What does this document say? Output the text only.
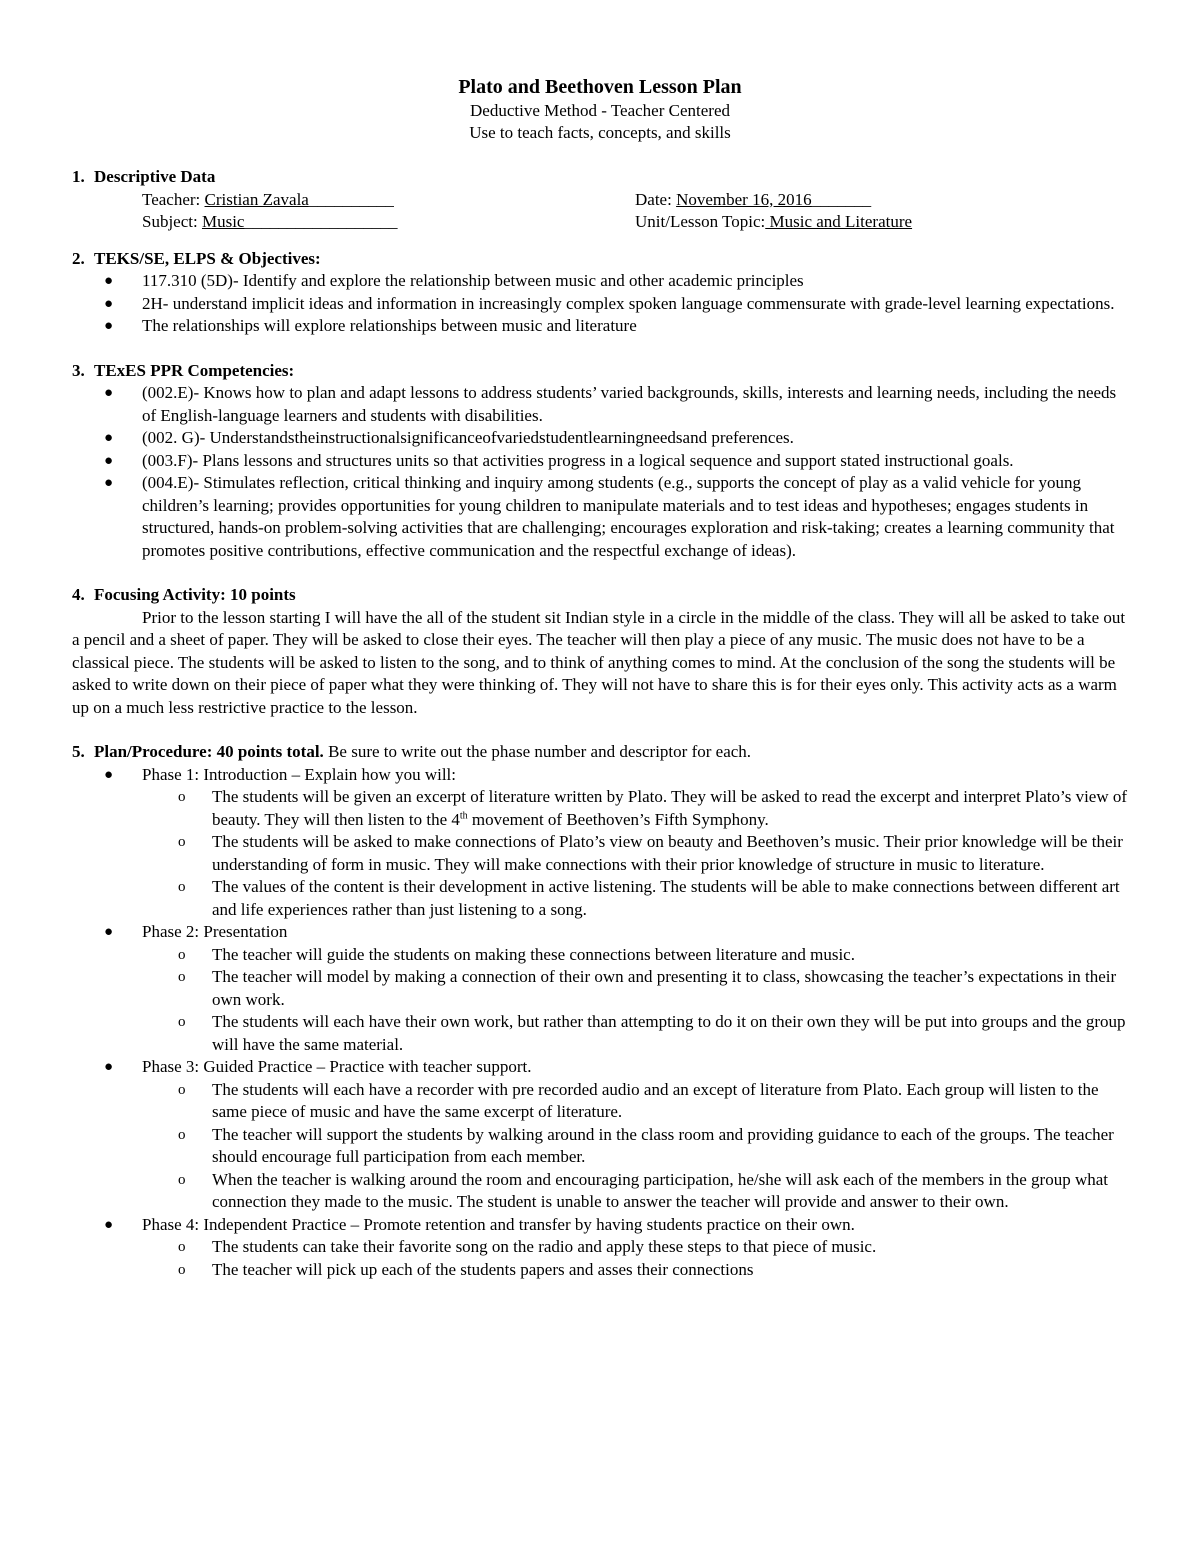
Plato and Beethoven Lesson Plan
Deductive Method - Teacher Centered
Use to teach facts, concepts, and skills
1. Descriptive Data
Teacher: Cristian Zavala__________	Date: November 16, 2016_______
Subject: Music__________________	Unit/Lesson Topic: Music and Literature
2. TEKS/SE, ELPS & Objectives:
● 117.310 (5D)- Identify and explore the relationship between music and other academic principles
● 2H- understand implicit ideas and information in increasingly complex spoken language commensurate with grade-level learning expectations.
● The relationships will explore relationships between music and literature
3. TExES PPR Competencies:
● (002.E)- Knows how to plan and adapt lessons to address students’ varied backgrounds, skills, interests and learning needs, including the needs of English-language learners and students with disabilities.
● (002. G)- Understandstheinstructionalsignificanceofvariedstudentlearningneedsand preferences.
● (003.F)- Plans lessons and structures units so that activities progress in a logical sequence and support stated instructional goals.
● (004.E)- Stimulates reflection, critical thinking and inquiry among students (e.g., supports the concept of play as a valid vehicle for young children’s learning; provides opportunities for young children to manipulate materials and to test ideas and hypotheses; engages students in structured, hands-on problem-solving activities that are challenging; encourages exploration and risk-taking; creates a learning community that promotes positive contributions, effective communication and the respectful exchange of ideas).
4. Focusing Activity: 10 points
Prior to the lesson starting I will have the all of the student sit Indian style in a circle in the middle of the class. They will all be asked to take out a pencil and a sheet of paper. They will be asked to close their eyes. The teacher will then play a piece of any music. The music does not have to be a classical piece. The students will be asked to listen to the song, and to think of anything comes to mind. At the conclusion of the song the students will be asked to write down on their piece of paper what they were thinking of. They will not have to share this is for their eyes only. This activity acts as a warm up on a much less restrictive practice to the lesson.
5. Plan/Procedure: 40 points total. Be sure to write out the phase number and descriptor for each.
● Phase 1: Introduction – Explain how you will:
o The students will be given an excerpt of literature written by Plato. They will be asked to read the excerpt and interpret Plato’s view of beauty. They will then listen to the 4th movement of Beethoven’s Fifth Symphony.
o The students will be asked to make connections of Plato’s view on beauty and Beethoven’s music. Their prior knowledge will be their understanding of form in music. They will make connections with their prior knowledge of structure in music to literature.
o The values of the content is their development in active listening. The students will be able to make connections between different art and life experiences rather than just listening to a song.
● Phase 2: Presentation
o The teacher will guide the students on making these connections between literature and music.
o The teacher will model by making a connection of their own and presenting it to class, showcasing the teacher’s expectations in their own work.
o The students will each have their own work, but rather than attempting to do it on their own they will be put into groups and the group will have the same material.
● Phase 3: Guided Practice – Practice with teacher support.
o The students will each have a recorder with pre recorded audio and an except of literature from Plato. Each group will listen to the same piece of music and have the same excerpt of literature.
o The teacher will support the students by walking around in the class room and providing guidance to each of the groups. The teacher should encourage full participation from each member.
o When the teacher is walking around the room and encouraging participation, he/she will ask each of the members in the group what connection they made to the music. The student is unable to answer the teacher will provide and answer to their own.
● Phase 4: Independent Practice – Promote retention and transfer by having students practice on their own.
o The students can take their favorite song on the radio and apply these steps to that piece of music.
o The teacher will pick up each of the students papers and asses their connections
